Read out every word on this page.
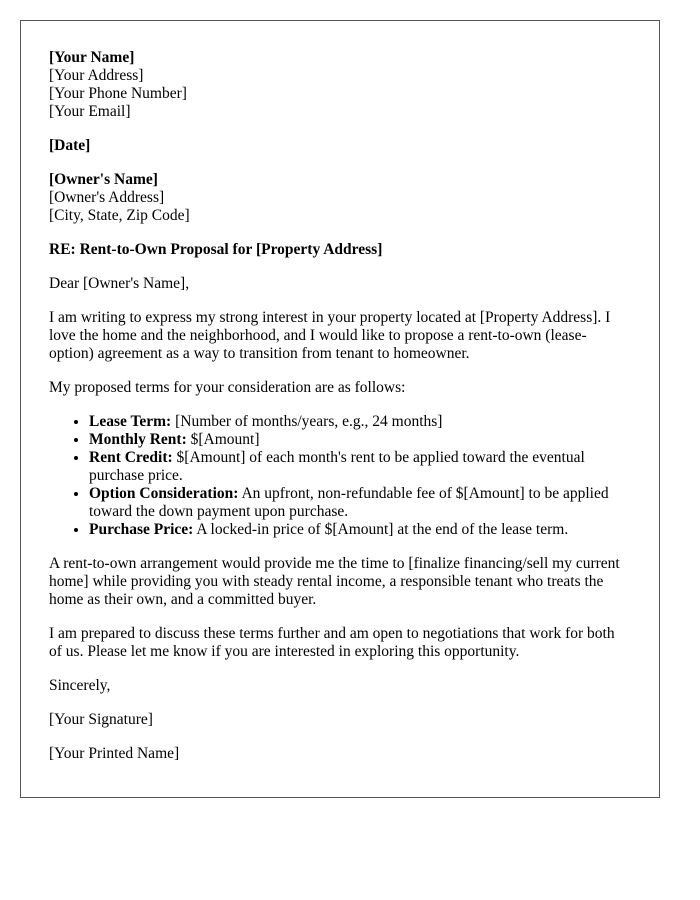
[Your Name]
[Your Address]
[Your Phone Number]
[Your Email]
[Date]
[Owner's Name]
[Owner's Address]
[City, State, Zip Code]

RE: Rent-to-Own Proposal for [Property Address]

Dear [Owner's Name],

I am writing to express my strong interest in your property located at [Property Address]. I love the home and the neighborhood, and I would like to propose a rent-to-own (lease-option) agreement as a way to transition from tenant to homeowner.

My proposed terms for your consideration are as follows:

• Lease Term: [Number of months/years, e.g., 24 months]
• Monthly Rent: $[Amount]
• Rent Credit: $[Amount] of each month's rent to be applied toward the eventual purchase price.
• Option Consideration: An upfront, non-refundable fee of $[Amount] to be applied toward the down payment upon purchase.
• Purchase Price: A locked-in price of $[Amount] at the end of the lease term.

A rent-to-own arrangement would provide me the time to [finalize financing/sell my current home] while providing you with steady rental income, a responsible tenant who treats the home as their own, and a committed buyer.

I am prepared to discuss these terms further and am open to negotiations that work for both of us. Please let me know if you are interested in exploring this opportunity.

Sincerely,

[Your Signature]

[Your Printed Name]
